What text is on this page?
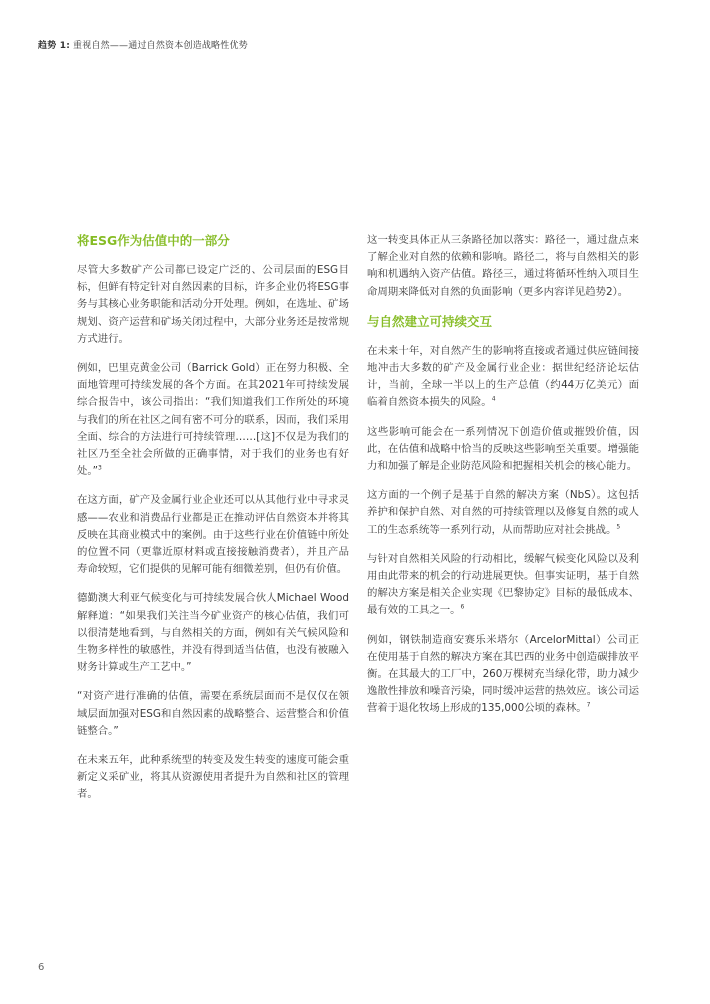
趋势 1: 重视自然——通过自然资本创造战略性优势
将ESG作为估值中的一部分

尽管大多数矿产公司都已设定广泛的、公司层面的ESG目标，但鲜有特定针对自然因素的目标，许多企业仍将ESG事务与其核心业务职能和活动分开处理。例如，在选址、矿场规划、资产运营和矿场关闭过程中，大部分业务还是按常规方式进行。

例如，巴里克黄金公司（Barrick Gold）正在努力积极、全面地管理可持续发展的各个方面。在其2021年可持续发展综合报告中，该公司指出：“我们知道我们工作所处的环境与我们的所在社区之间有密不可分的联系，因而，我们采用全面、综合的方法进行可持续管理……[这]不仅是为我们的社区乃至全社会所做的正确事情，对于我们的业务也有好处。”$^3$

在这方面，矿产及金属行业企业还可以从其他行业中寻求灵感——农业和消费品行业都是正在推动评估自然资本并将其反映在其商业模式中的案例。由于这些行业在价值链中所处的位置不同（更靠近原材料或直接接触消费者），并且产品寿命较短，它们提供的见解可能有细微差别，但仍有价值。

德勤澳大利亚气候变化与可持续发展合伙人Michael Wood解释道：“如果我们关注当今矿业资产的核心估值，我们可以很清楚地看到，与自然相关的方面，例如有关气候风险和生物多样性的敏感性，并没有得到适当估值，也没有被融入财务计算或生产工艺中。”

“对资产进行准确的估值，需要在系统层面而不是仅仅在领域层面加强对ESG和自然因素的战略整合、运营整合和价值链整合。”

在未来五年，此种系统型的转变及发生转变的速度可能会重新定义采矿业，将其从资源使用者提升为自然和社区的管理者。

这一转变具体正从三条路径加以落实：路径一，通过盘点来了解企业对自然的依赖和影响。路径二，将与自然相关的影响和机遇纳入资产估值。路径三，通过将循环性纳入项目生命周期来降低对自然的负面影响（更多内容详见趋势2）。

与自然建立可持续交互

在未来十年，对自然产生的影响将直接或者通过供应链间接地冲击大多数的矿产及金属行业企业：据世纪经济论坛估计，当前，全球一半以上的生产总值（约44万亿美元）面临着自然资本损失的风险。$^4$

这些影响可能会在一系列情况下创造价值或摧毁价值，因此，在估值和战略中恰当的反映这些影响至关重要。增强能力和加强了解是企业防范风险和把握相关机会的核心能力。

这方面的一个例子是基于自然的解决方案（NbS）。这包括养护和保护自然、对自然的可持续管理以及修复自然的或人工的生态系统等一系列行动，从而帮助应对社会挑战。$^5$

与针对自然相关风险的行动相比，缓解气候变化风险以及利用由此带来的机会的行动进展更快。但事实证明，基于自然的解决方案是相关企业实现《巴黎协定》目标的最低成本、最有效的工具之一。$^6$

例如，钢铁制造商安赛乐米塔尔（ArcelorMittal）公司正在使用基于自然的解决方案在其巴西的业务中创造碳排放平衡。在其最大的工厂中，260万棵树充当绿化带，助力减少逸散性排放和噪音污染，同时缓冲运营的热效应。该公司运营着于退化牧场上形成的135,000公顷的森林。$^7$

6
